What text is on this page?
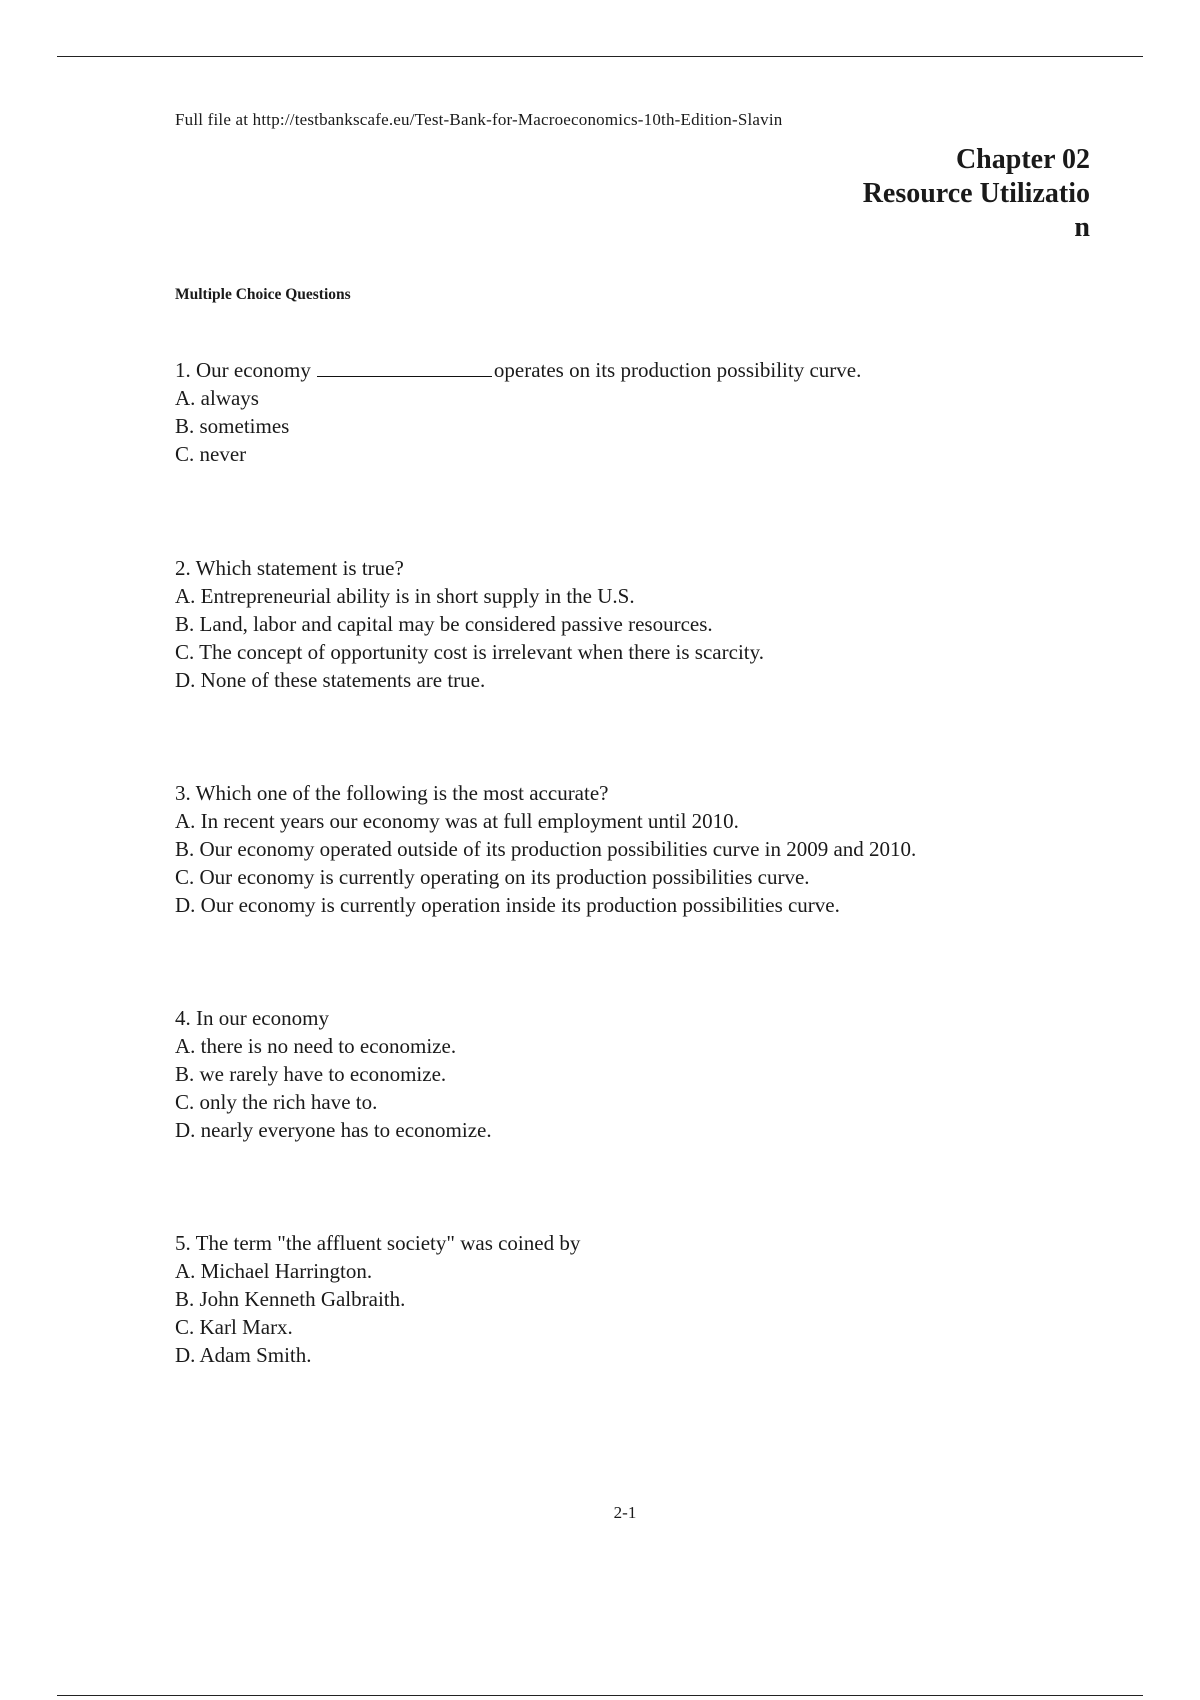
Full file at http://testbankscafe.eu/Test-Bank-for-Macroeconomics-10th-Edition-Slavin
Chapter 02
Resource Utilizatio
n
Multiple Choice Questions
1. Our economy	operates on its production possibility curve.
A. always
B. sometimes
C. never
2. Which statement is true?
A. Entrepreneurial ability is in short supply in the U.S.
B. Land, labor and capital may be considered passive resources.
C. The concept of opportunity cost is irrelevant when there is scarcity.
D. None of these statements are true.
3. Which one of the following is the most accurate?
A. In recent years our economy was at full employment until 2010.
B. Our economy operated outside of its production possibilities curve in 2009 and 2010.
C. Our economy is currently operating on its production possibilities curve.
D. Our economy is currently operation inside its production possibilities curve.
4. In our economy
A. there is no need to economize.
B. we rarely have to economize.
C. only the rich have to.
D. nearly everyone has to economize.
5. The term "the affluent society" was coined by
A. Michael Harrington.
B. John Kenneth Galbraith.
C. Karl Marx.
D. Adam Smith.
2-1
